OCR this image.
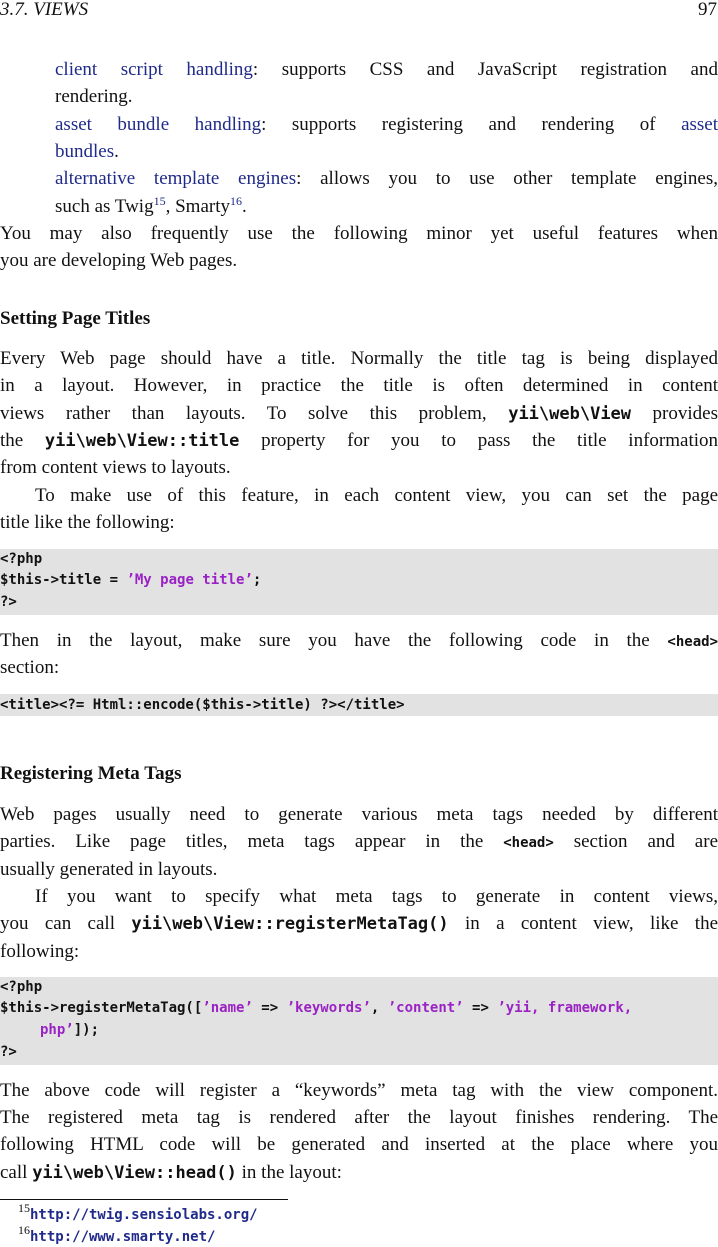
3.7. VIEWS	97
client script handling: supports CSS and JavaScript registration and
rendering.
asset bundle handling: supports registering and rendering of asset
bundles.
alternative template engines: allows you to use other template engines,
such as Twig$^{15}$, Smarty$^{16}$.
You may also frequently use the following minor yet useful features when
you are developing Web pages.
Setting Page Titles
Every Web page should have a title. Normally the title tag is being displayed
in a layout. However, in practice the title is often determined in content
views rather than layouts. To solve this problem, yii\web\View provides
the yii\web\View::title property for you to pass the title information
from content views to layouts.
To make use of this feature, in each content view, you can set the page
title like the following:
<?php
$this->title = ’My page title’;
?>
Then in the layout, make sure you have the following code in the <head>
section:
<title><?= Html::encode($this->title) ?></title>
Registering Meta Tags
Web pages usually need to generate various meta tags needed by different
parties. Like page titles, meta tags appear in the <head> section and are
usually generated in layouts.
If you want to specify what meta tags to generate in content views,
you can call yii\web\View::registerMetaTag() in a content view, like the
following:
<?php
$this->registerMetaTag([’name’ => ’keywords’, ’content’ => ’yii, framework,
php’]);
?>
The above code will register a “keywords” meta tag with the view component.
The registered meta tag is rendered after the layout finishes rendering. The
following HTML code will be generated and inserted at the place where you
call yii\web\View::head() in the layout:
$^{15}$http://twig.sensiolabs.org/
$^{16}$http://www.smarty.net/
